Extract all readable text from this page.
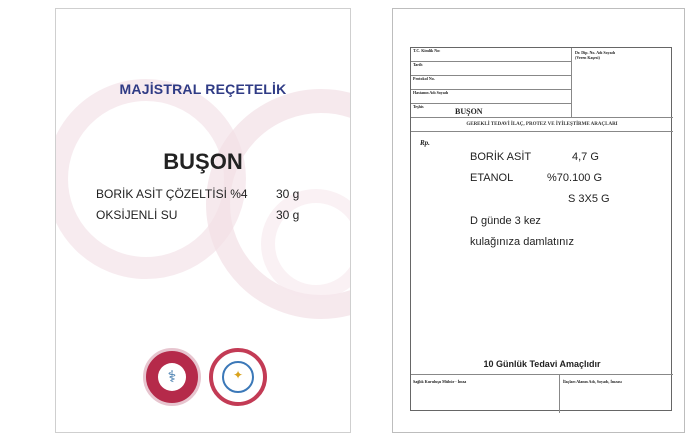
MAJİSTRAL REÇETELİK
BUŞON
BORİK ASİT ÇÖZELTİSİ %4 30 g
OKSİJENLİ SU	30 g
⚕	✦
T.C. Kimlik No:
Tarih
Protokol No.
Hastanın Adı Soyadı
Teşhis
Dr. Dip. No. Adı Soyadı
(Veren Kaşesi)
BUŞON
GEREKLİ TEDAVİ İLAÇ, PROTEZ VE İYİLEŞTİRME ARAÇLARI
Rp.
BORİK ASİT	4,7 G
ETANOL	%70.100 G
S 3X5 G
D günde 3 kez
kulağınıza damlatınız
10 Günlük Tedavi Amaçlıdır
Sağlık Kuruluşu Mühür - İmza	İlaçları Alanın Adı, Soyadı, İmzası
